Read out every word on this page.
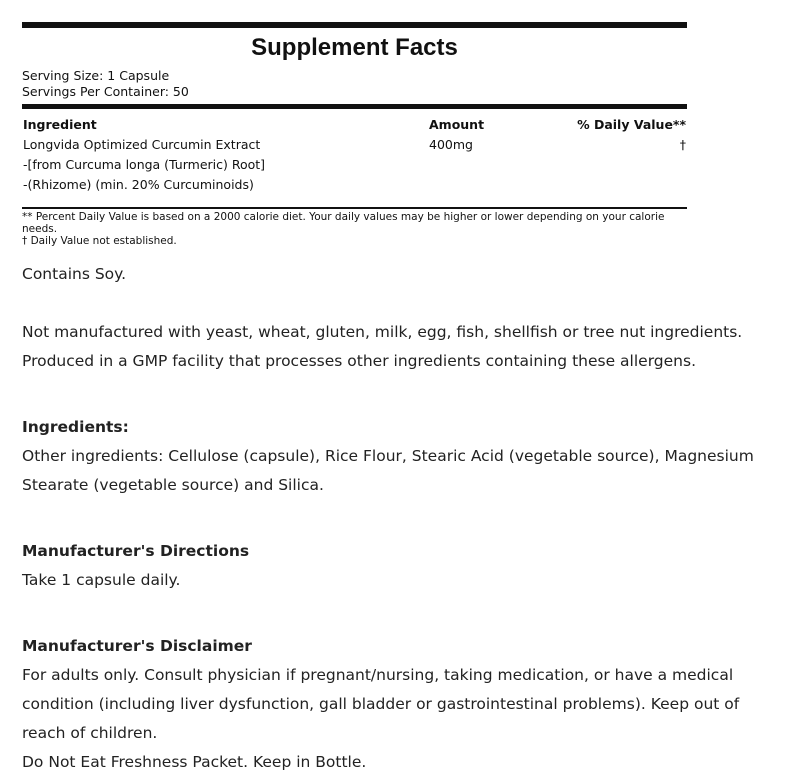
Supplement Facts
Serving Size: 1 Capsule
Servings Per Container: 50
Ingredient
Longvida Optimized Curcumin Extract
-[from Curcuma longa (Turmeric) Root]
-(Rhizome) (min. 20% Curcuminoids)
Amount
400mg
% Daily Value**
†
** Percent Daily Value is based on a 2000 calorie diet. Your daily values may be higher or lower depending on your calorie needs.
† Daily Value not established.
Contains Soy.
Not manufactured with yeast, wheat, gluten, milk, egg, fish, shellfish or tree nut ingredients. Produced in a GMP facility that processes other ingredients containing these allergens.
Ingredients:
Other ingredients: Cellulose (capsule), Rice Flour, Stearic Acid (vegetable source), Magnesium Stearate (vegetable source) and Silica.
Manufacturer's Directions
Take 1 capsule daily.
Manufacturer's Disclaimer
For adults only. Consult physician if pregnant/nursing, taking medication, or have a medical condition (including liver dysfunction, gall bladder or gastrointestinal problems). Keep out of reach of children.
Do Not Eat Freshness Packet. Keep in Bottle.
